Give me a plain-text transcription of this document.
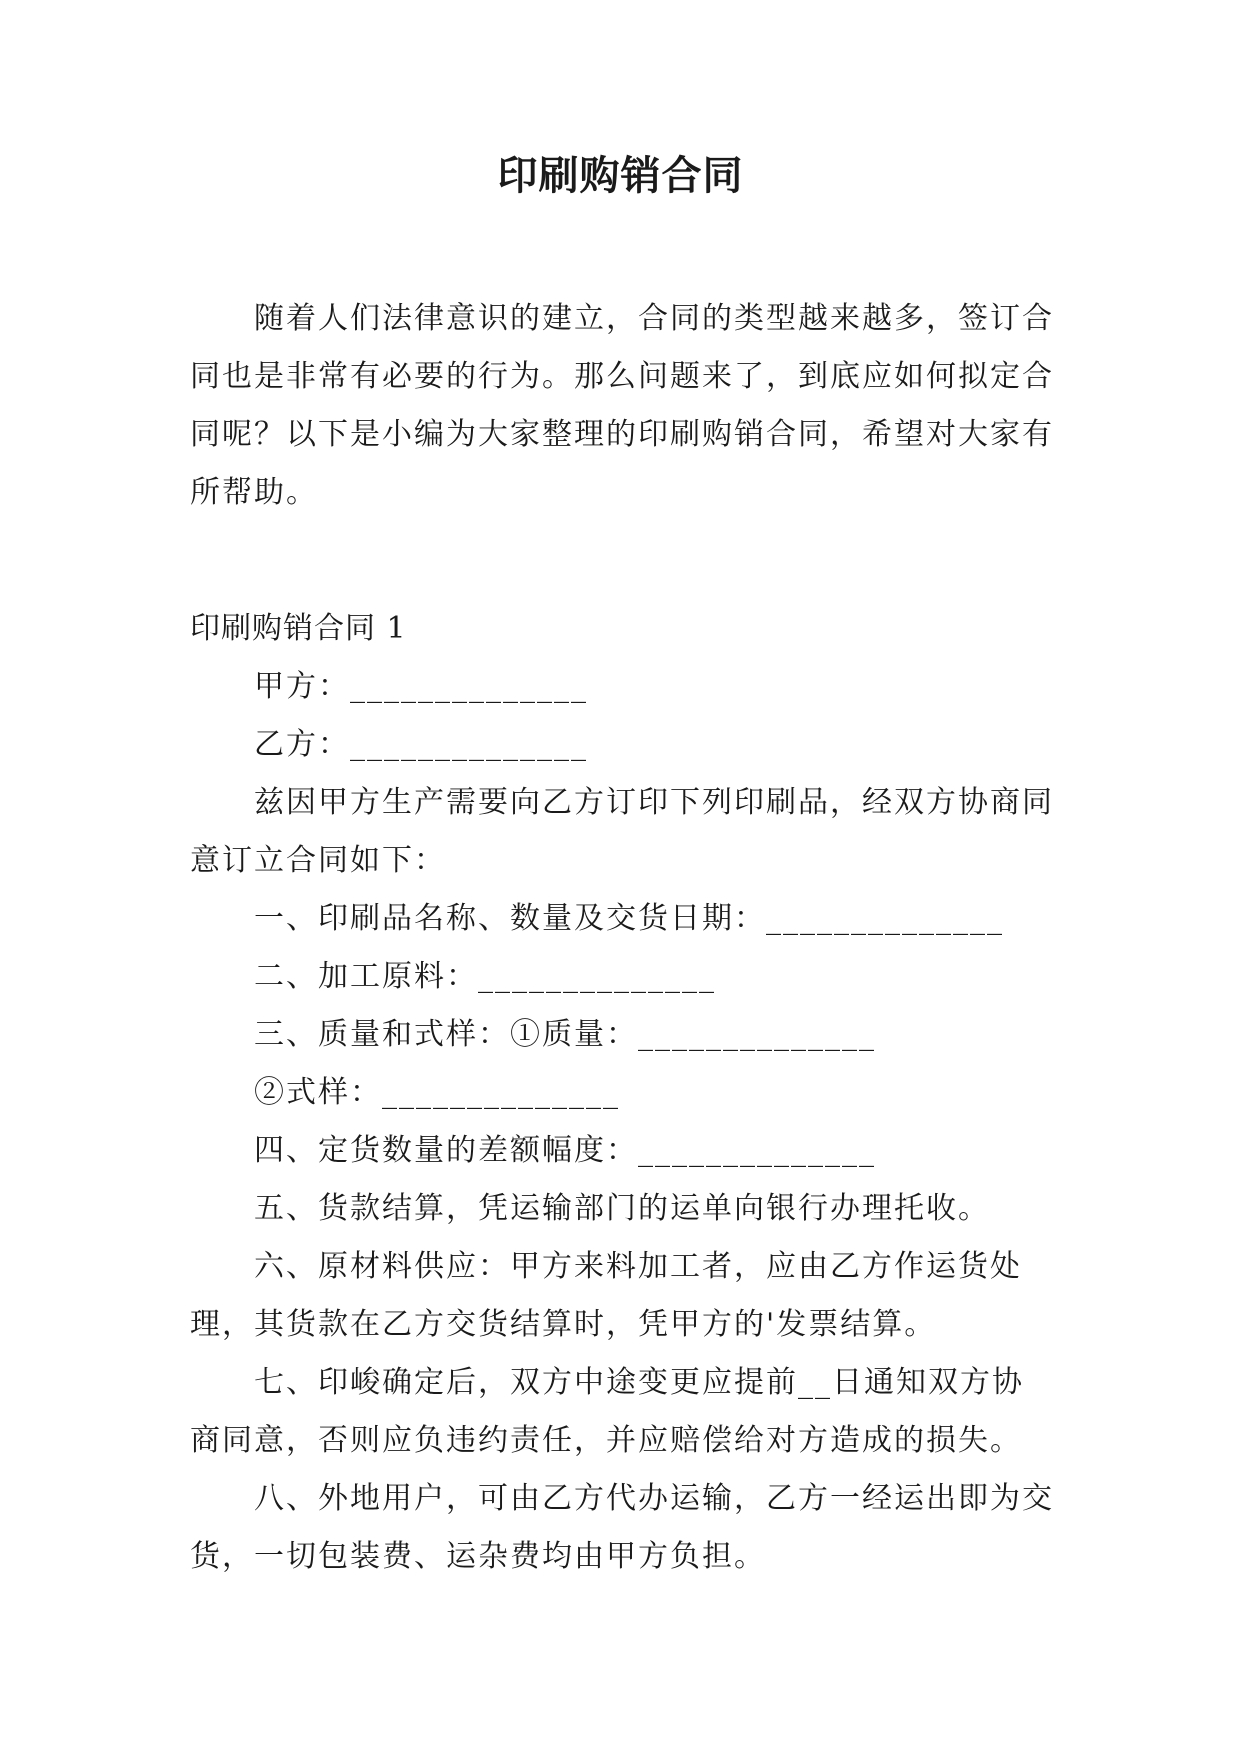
印刷购销合同

随着人们法律意识的建立，合同的类型越来越多，签订合同也是非常有必要的行为。那么问题来了，到底应如何拟定合同呢？以下是小编为大家整理的印刷购销合同，希望对大家有所帮助。

印刷购销合同 1

甲方：______________

乙方：______________

兹因甲方生产需要向乙方订印下列印刷品，经双方协商同意订立合同如下：

一、印刷品名称、数量及交货日期：______________

二、加工原料：______________

三、质量和式样：①质量：______________

②式样：______________

四、定货数量的差额幅度：______________

五、货款结算，凭运输部门的运单向银行办理托收。

六、原材料供应：甲方来料加工者，应由乙方作运货处理，其货款在乙方交货结算时，凭甲方的'发票结算。

七、印峻确定后，双方中途变更应提前__日通知双方协商同意，否则应负违约责任，并应赔偿给对方造成的损失。

八、外地用户，可由乙方代办运输，乙方一经运出即为交货，一切包装费、运杂费均由甲方负担。
